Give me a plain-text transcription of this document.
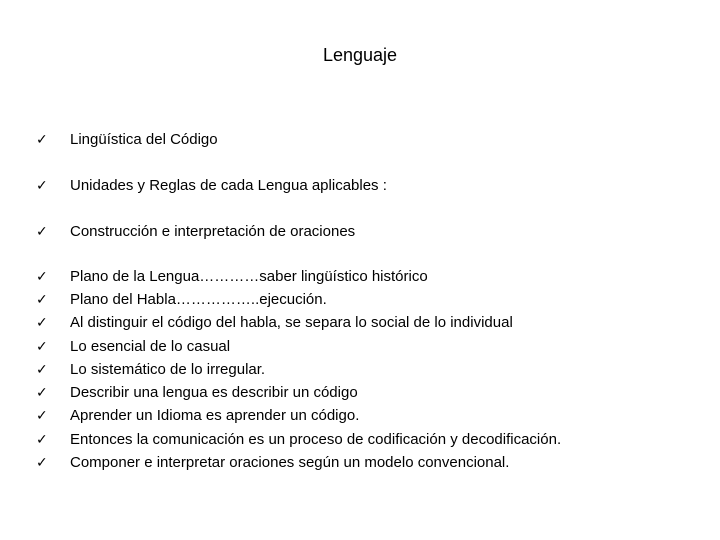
Lenguaje
✓	Lingüística del Código
✓	Unidades y Reglas de cada Lengua aplicables :
✓	Construcción e interpretación de oraciones
✓	Plano de la Lengua…………saber lingüístico histórico
✓	Plano del Habla……………..ejecución.
✓	Al distinguir el código del habla, se separa lo social de lo individual
✓	Lo esencial de lo casual
✓	Lo sistemático de lo irregular.
✓	Describir una lengua es describir un código
✓	Aprender un Idioma es aprender un código.
✓	Entonces la comunicación es un proceso de codificación y decodificación.
✓	Componer e interpretar oraciones según un modelo convencional.
